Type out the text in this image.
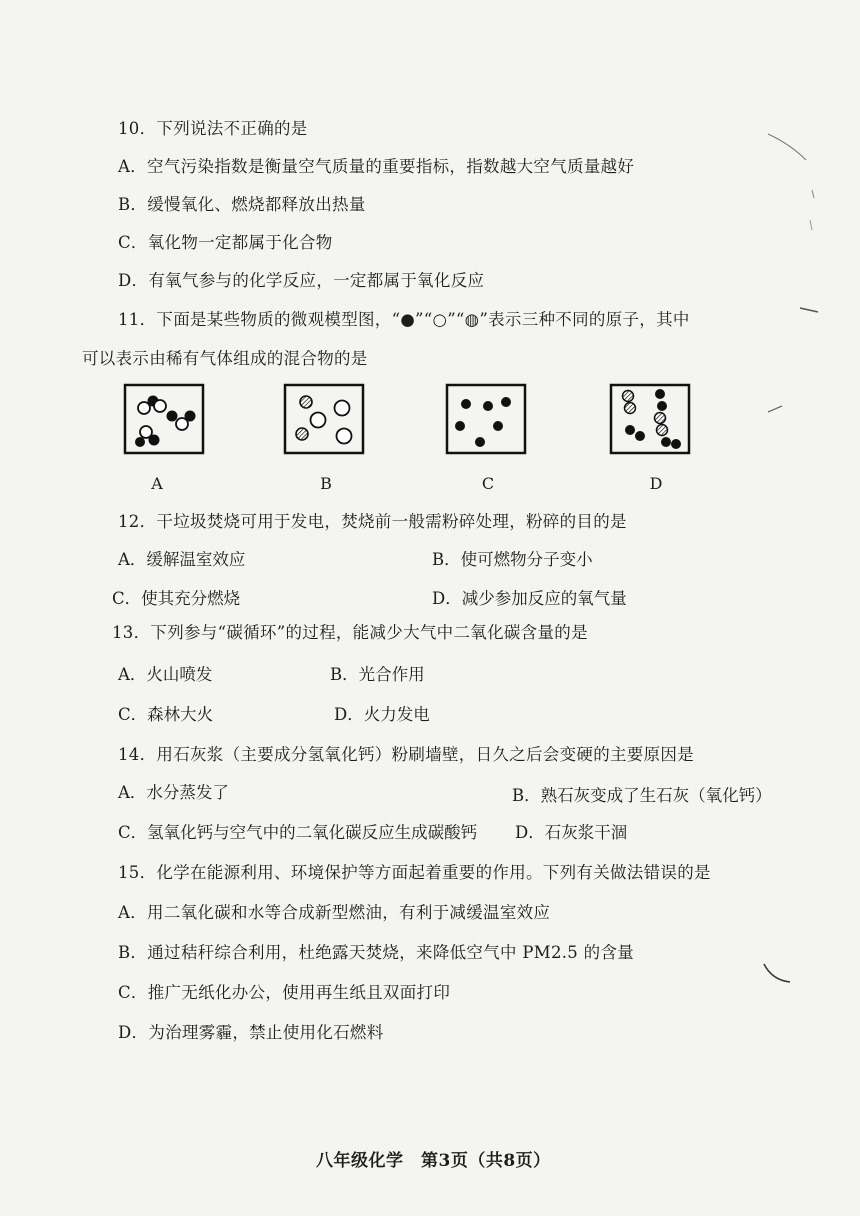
10．下列说法不正确的是
A．空气污染指数是衡量空气质量的重要指标，指数越大空气质量越好
B．缓慢氧化、燃烧都释放出热量
C．氧化物一定都属于化合物
D．有氧气参与的化学反应，一定都属于氧化反应
11．下面是某些物质的微观模型图，“●”“○”“◍”表示三种不同的原子，其中
可以表示由稀有气体组成的混合物的是
A	B	C	D
12．干垃圾焚烧可用于发电，焚烧前一般需粉碎处理，粉碎的目的是
A．缓解温室效应	B．使可燃物分子变小
C．使其充分燃烧	D．减少参加反应的氧气量
13．下列参与“碳循环”的过程，能减少大气中二氧化碳含量的是
A．火山喷发	B．光合作用
C．森林大火	D．火力发电
14．用石灰浆（主要成分氢氧化钙）粉刷墙壁，日久之后会变硬的主要原因是
A．水分蒸发了	B．熟石灰变成了生石灰（氧化钙）
C．氢氧化钙与空气中的二氧化碳反应生成碳酸钙 D．石灰浆干涸
15．化学在能源利用、环境保护等方面起着重要的作用。下列有关做法错误的是
A．用二氧化碳和水等合成新型燃油，有利于减缓温室效应
B．通过秸秆综合利用，杜绝露天焚烧，来降低空气中 PM2.5 的含量
C．推广无纸化办公，使用再生纸且双面打印
D．为治理雾霾，禁止使用化石燃料
八年级化学　第3页（共8页）
